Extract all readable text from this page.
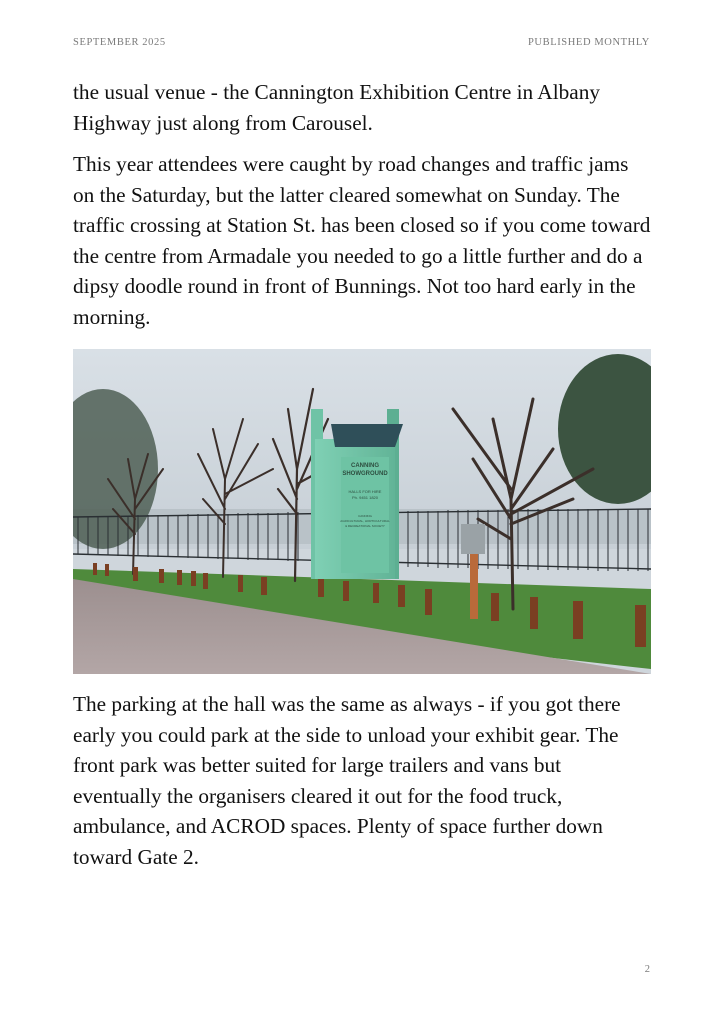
SEPTEMBER 2025	PUBLISHED MONTHLY

the usual venue - the Cannington Exhibition Centre in Albany Highway just along from Carousel.

This year attendees were caught by road changes and traffic jams on the Saturday, but the latter cleared somewhat on Sunday. The traffic crossing at Station St. has been closed so if you come toward the centre from Armadale you needed to go a little further and do a dipsy doodle round in front of Bunnings. Not too hard early in the morning.

CANNING
SHOWGROUND
HALLS FOR HIRE
Ph. 9451 1820
CANNING
AGRICULTURAL, HORTICULTURAL
& RECREATIONAL SOCIETY

The parking at the hall was the same as always - if you got there early you could park at the side to unload your exhibit gear. The front park was better suited for large trailers and vans but eventually the organisers cleared it out for the food truck, ambulance, and ACROD spaces. Plenty of space further down toward Gate 2.

2
